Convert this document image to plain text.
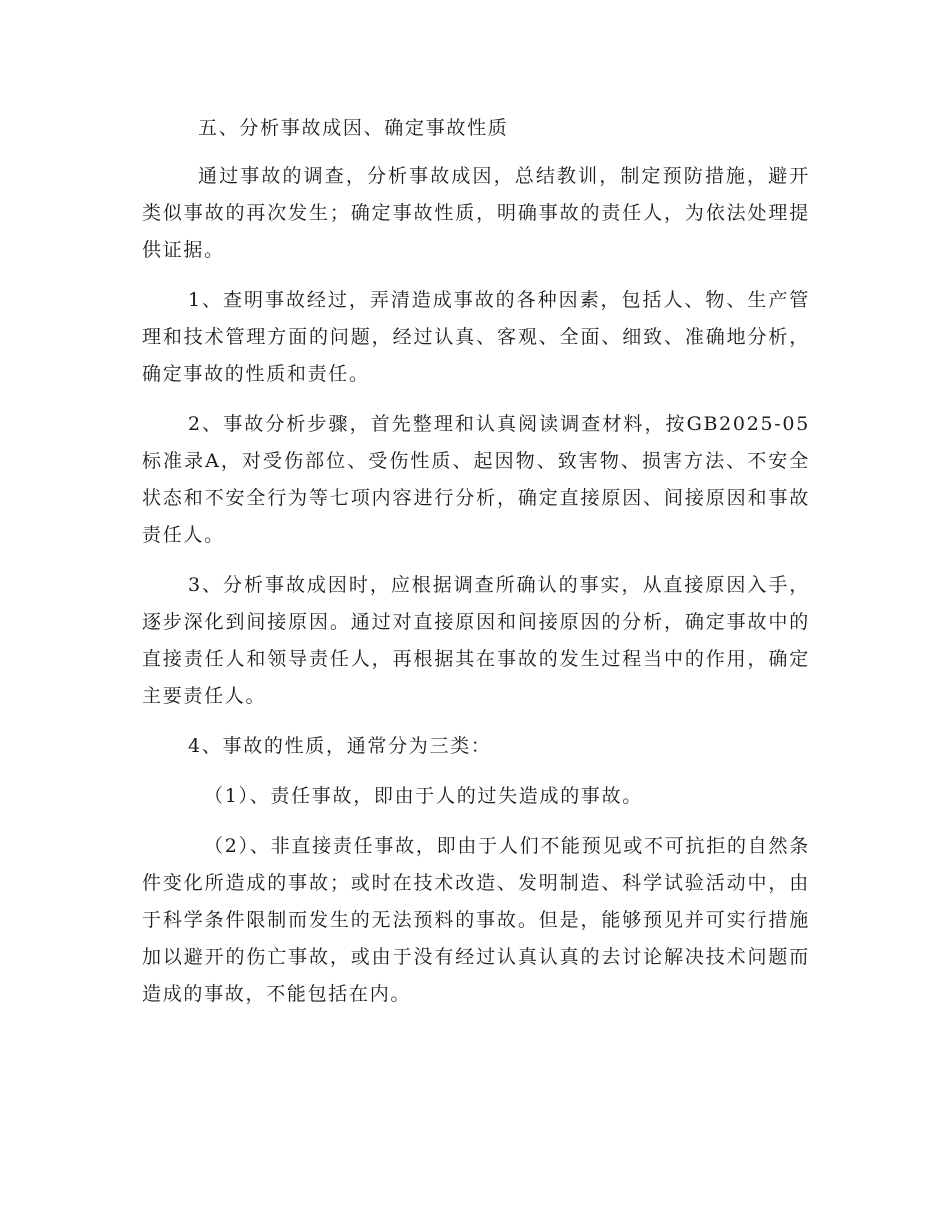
五、分析事故成因、确定事故性质

通过事故的调查，分析事故成因，总结教训，制定预防措施，避开类似事故的再次发生；确定事故性质，明确事故的责任人，为依法处理提供证据。

1、查明事故经过，弄清造成事故的各种因素，包括人、物、生产管理和技术管理方面的问题，经过认真、客观、全面、细致、准确地分析，确定事故的性质和责任。

2、事故分析步骤，首先整理和认真阅读调查材料，按GB2025-05标准录A，对受伤部位、受伤性质、起因物、致害物、损害方法、不安全状态和不安全行为等七项内容进行分析，确定直接原因、间接原因和事故责任人。

3、分析事故成因时，应根据调查所确认的事实，从直接原因入手，逐步深化到间接原因。通过对直接原因和间接原因的分析，确定事故中的直接责任人和领导责任人，再根据其在事故的发生过程当中的作用，确定主要责任人。

4、事故的性质，通常分为三类：

（1）、责任事故，即由于人的过失造成的事故。

（2）、非直接责任事故，即由于人们不能预见或不可抗拒的自然条件变化所造成的事故；或时在技术改造、发明制造、科学试验活动中，由于科学条件限制而发生的无法预料的事故。但是，能够预见并可实行措施加以避开的伤亡事故，或由于没有经过认真认真的去讨论解决技术问题而造成的事故，不能包括在内。
